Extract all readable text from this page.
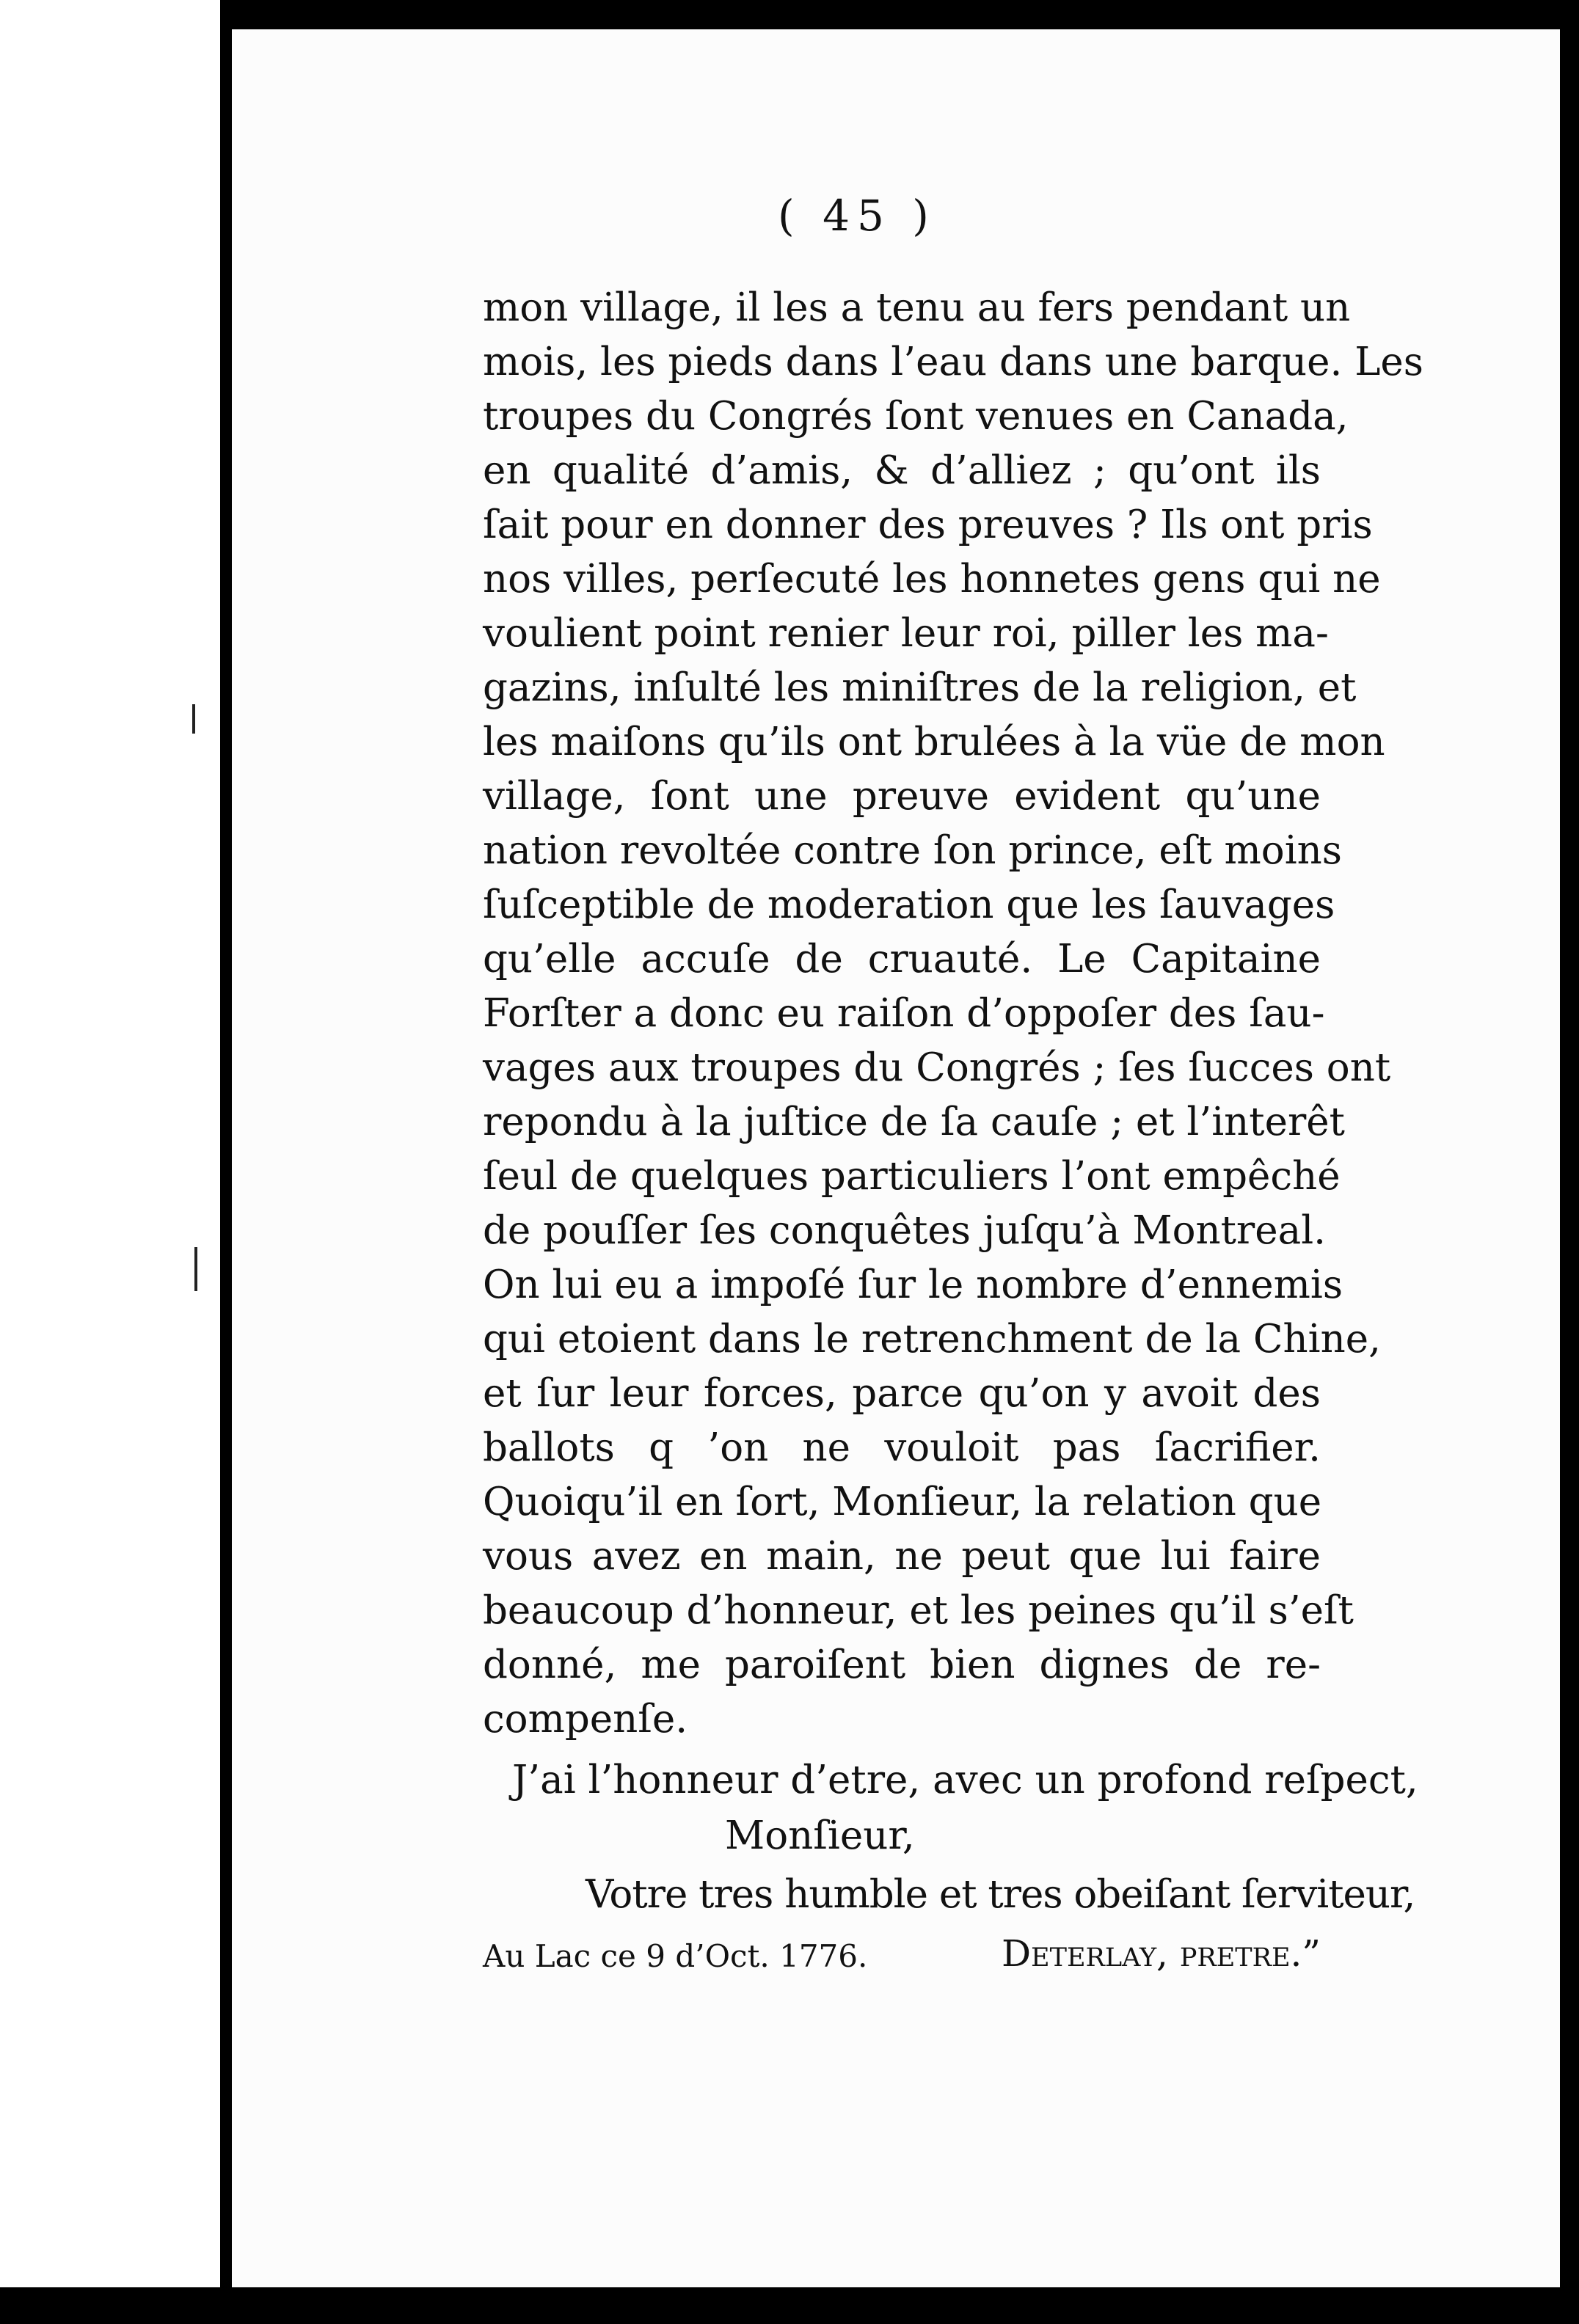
( 45 )
mon village, il les a tenu au fers pendant un
mois, les pieds dans l’eau dans une barque. Les
troupes du Congrés ſont venues en Canada,
en qualité d’amis, & d’alliez ; qu’ont ils
ſait pour en donner des preuves ? Ils ont pris
nos villes, perſecuté les honnetes gens qui ne
voulient point renier leur roi, piller les ma-
gazins, inſulté les miniſtres de la religion, et
les maiſons qu’ils ont brulées à la vüe de mon
village, ſont une preuve evident qu’une
nation revoltée contre ſon prince, eſt moins
ſuſceptible de moderation que les ſauvages
qu’elle accuſe de cruauté. Le Capitaine
Forſter a donc eu raiſon d’oppoſer des ſau-
vages aux troupes du Congrés ; ſes ſucces ont
repondu à la juſtice de ſa cauſe ; et l’interêt
ſeul de quelques particuliers l’ont empêché
de pouſſer ſes conquêtes juſqu’à Montreal.
On lui eu a impoſé ſur le nombre d’ennemis
qui etoient dans le retrenchment de la Chine,
et ſur leur forces, parce qu’on y avoit des
ballots q ’on ne vouloit pas ſacrifier.
Quoiqu’il en ſort, Monſieur, la relation que
vous avez en main, ne peut que lui faire
beaucoup d’honneur, et les peines qu’il s’eſt
donné, me paroiſent bien dignes de re-
compenſe.
J’ai l’honneur d’etre, avec un profond reſpect,
Monſieur,
Votre tres humble et tres obeiſant ſerviteur,
Au Lac ce 9 d’Oct. 1776.	Deterlay, pretre.”
